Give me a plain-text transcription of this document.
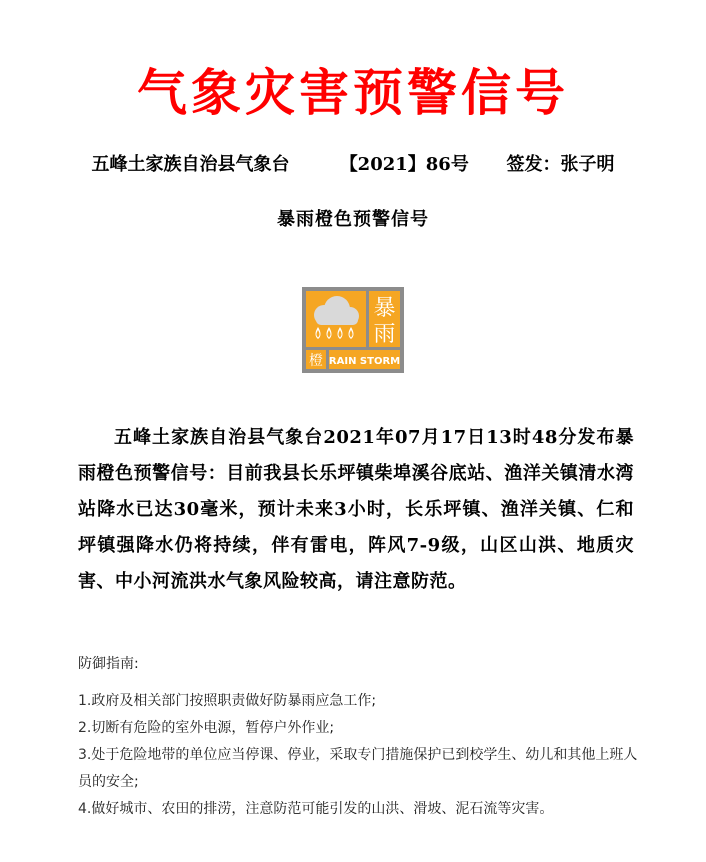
气象灾害预警信号
五峰土家族自治县气象台	【2021】86号 签发：张子明
暴雨橙色预警信号
暴
雨
橙 RAIN STORM
五峰土家族自治县气象台2021年07月17日13时48分发布暴雨橙色预警信号：目前我县长乐坪镇柴埠溪谷底站、渔洋关镇清水湾站降水已达30毫米，预计未来3小时，长乐坪镇、渔洋关镇、仁和坪镇强降水仍将持续，伴有雷电，阵风7-9级，山区山洪、地质灾害、中小河流洪水气象风险较高，请注意防范。
防御指南:
1.政府及相关部门按照职责做好防暴雨应急工作;
2.切断有危险的室外电源，暂停户外作业;
3.处于危险地带的单位应当停课、停业，采取专门措施保护已到校学生、幼儿和其他上班人员的安全;
4.做好城市、农田的排涝，注意防范可能引发的山洪、滑坡、泥石流等灾害。
